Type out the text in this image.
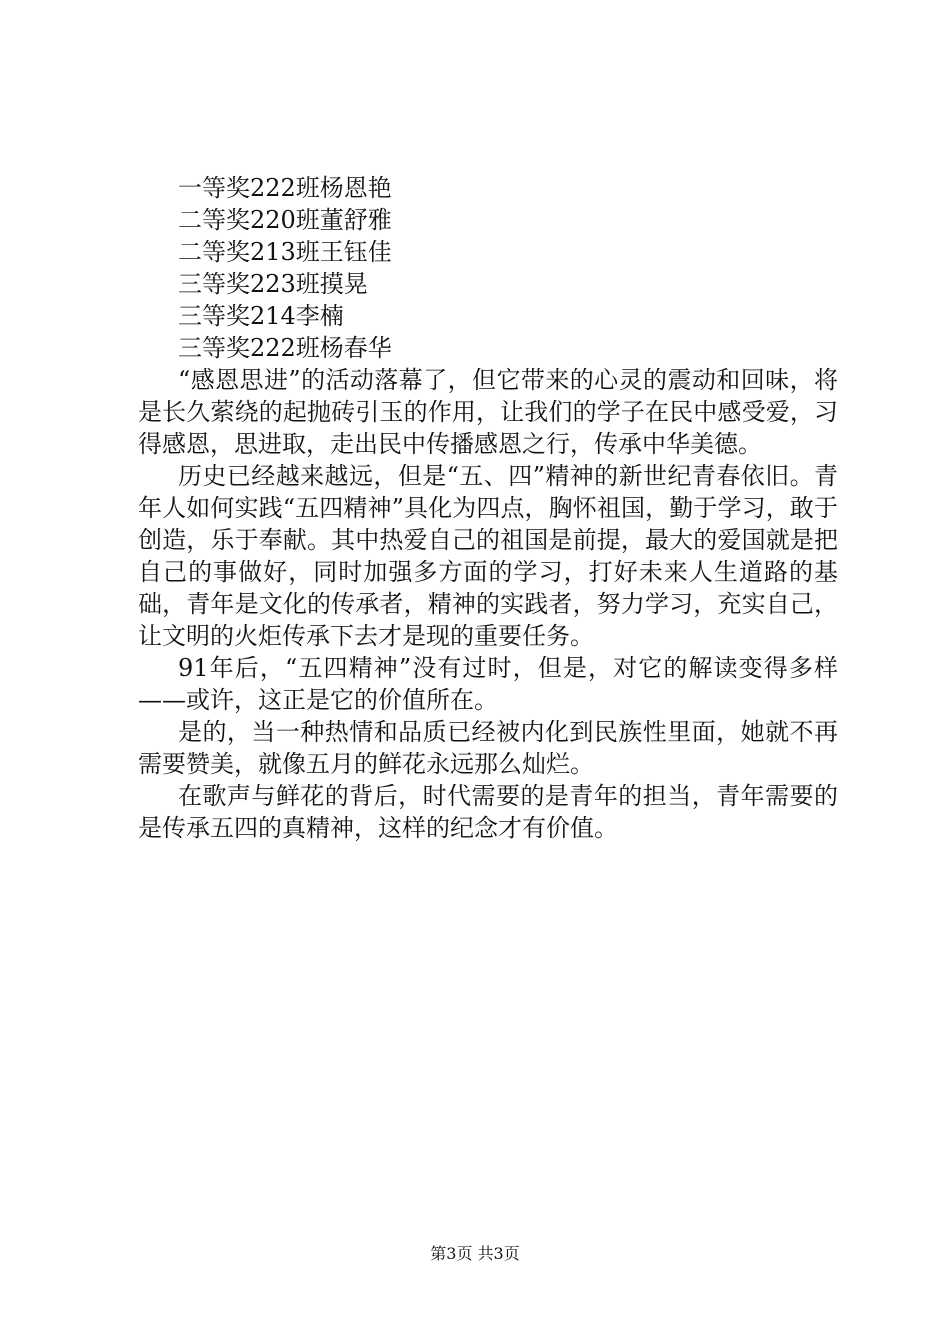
一等奖222班杨恩艳

二等奖220班董舒雅

二等奖213班王钰佳

三等奖223班摸晃

三等奖214李楠

三等奖222班杨春华

“感恩思进”的活动落幕了，但它带来的心灵的震动和回味，将是长久萦绕的起抛砖引玉的作用，让我们的学子在民中感受爱，习得感恩，思进取，走出民中传播感恩之行，传承中华美德。

历史已经越来越远，但是“五、四”精神的新世纪青春依旧。青年人如何实践“五四精神”具化为四点，胸怀祖国，勤于学习，敢于创造，乐于奉献。其中热爱自己的祖国是前提，最大的爱国就是把自己的事做好，同时加强多方面的学习，打好未来人生道路的基础，青年是文化的传承者，精神的实践者，努力学习，充实自己，让文明的火炬传承下去才是现的重要任务。

91年后，“五四精神”没有过时，但是，对它的解读变得多样——或许，这正是它的价值所在。

是的，当一种热情和品质已经被内化到民族性里面，她就不再需要赞美，就像五月的鲜花永远那么灿烂。

在歌声与鲜花的背后，时代需要的是青年的担当，青年需要的是传承五四的真精神，这样的纪念才有价值。

第3页 共3页
